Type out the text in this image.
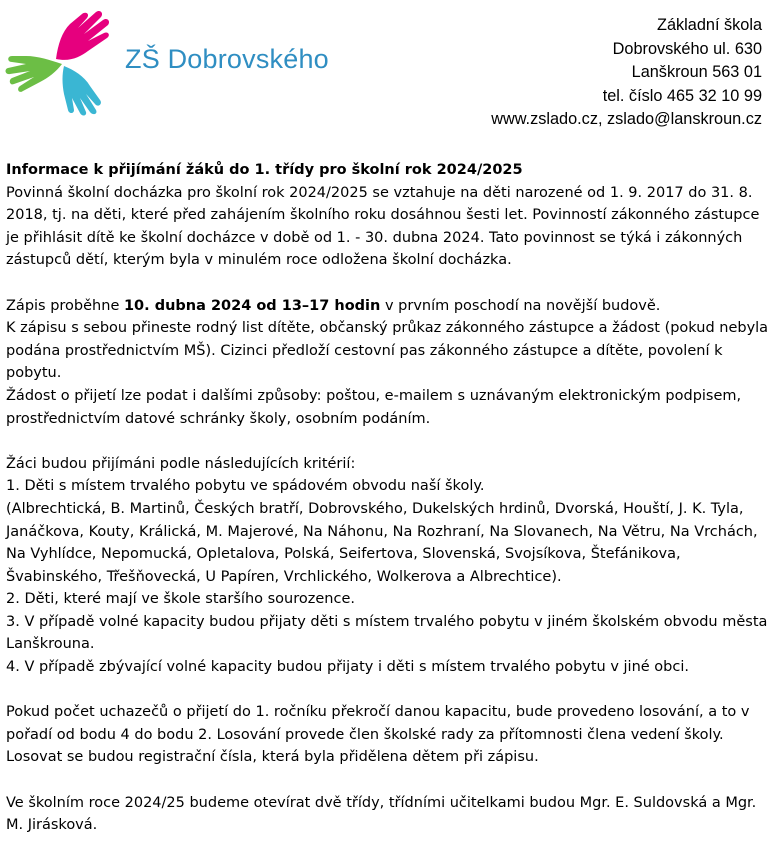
ZŠ Dobrovského
Základní škola
Dobrovského ul. 630
Lanškroun 563 01
tel. číslo 465 32 10 99
www.zslado.cz, zslado@lanskroun.cz

Informace k přijímání žáků do 1. třídy pro školní rok 2024/2025

Povinná školní docházka pro školní rok 2024/2025 se vztahuje na děti narozené od 1. 9. 2017 do 31. 8. 2018, tj. na děti, které před zahájením školního roku dosáhnou šesti let. Povinností zákonného zástupce je přihlásit dítě ke školní docházce v době od 1. - 30. dubna 2024. Tato povinnost se týká i zákonných zástupců dětí, kterým byla v minulém roce odložena školní docházka.

Zápis proběhne 10. dubna 2024 od 13–17 hodin v prvním poschodí na novější budově.

K zápisu s sebou přineste rodný list dítěte, občanský průkaz zákonného zástupce a žádost (pokud nebyla podána prostřednictvím MŠ). Cizinci předloží cestovní pas zákonného zástupce a dítěte, povolení k pobytu.

Žádost o přijetí lze podat i dalšími způsoby: poštou, e-mailem s uznávaným elektronickým podpisem, prostřednictvím datové schránky školy, osobním podáním.

Žáci budou přijímáni podle následujících kritérií:

1. Děti s místem trvalého pobytu ve spádovém obvodu naší školy.

(Albrechtická, B. Martinů, Českých bratří, Dobrovského, Dukelských hrdinů, Dvorská, Houští, J. K. Tyla, Janáčkova, Kouty, Králická, M. Majerové, Na Náhonu, Na Rozhraní, Na Slovanech, Na Větru, Na Vrchách, Na Vyhlídce, Nepomucká, Opletalova, Polská, Seifertova, Slovenská, Svojsíkova, Štefánikova, Švabinského, Třešňovecká, U Papíren, Vrchlického, Wolkerova a Albrechtice).

2. Děti, které mají ve škole staršího sourozence.

3. V případě volné kapacity budou přijaty děti s místem trvalého pobytu v jiném školském obvodu města Lanškrouna.

4. V případě zbývající volné kapacity budou přijaty i děti s místem trvalého pobytu v jiné obci.

Pokud počet uchazečů o přijetí do 1. ročníku překročí danou kapacitu, bude provedeno losování, a to v pořadí od bodu 4 do bodu 2. Losování provede člen školské rady za přítomnosti člena vedení školy. Losovat se budou registrační čísla, která byla přidělena dětem při zápisu.

Ve školním roce 2024/25 budeme otevírat dvě třídy, třídními učitelkami budou Mgr. E. Suldovská a Mgr. M. Jirásková.
